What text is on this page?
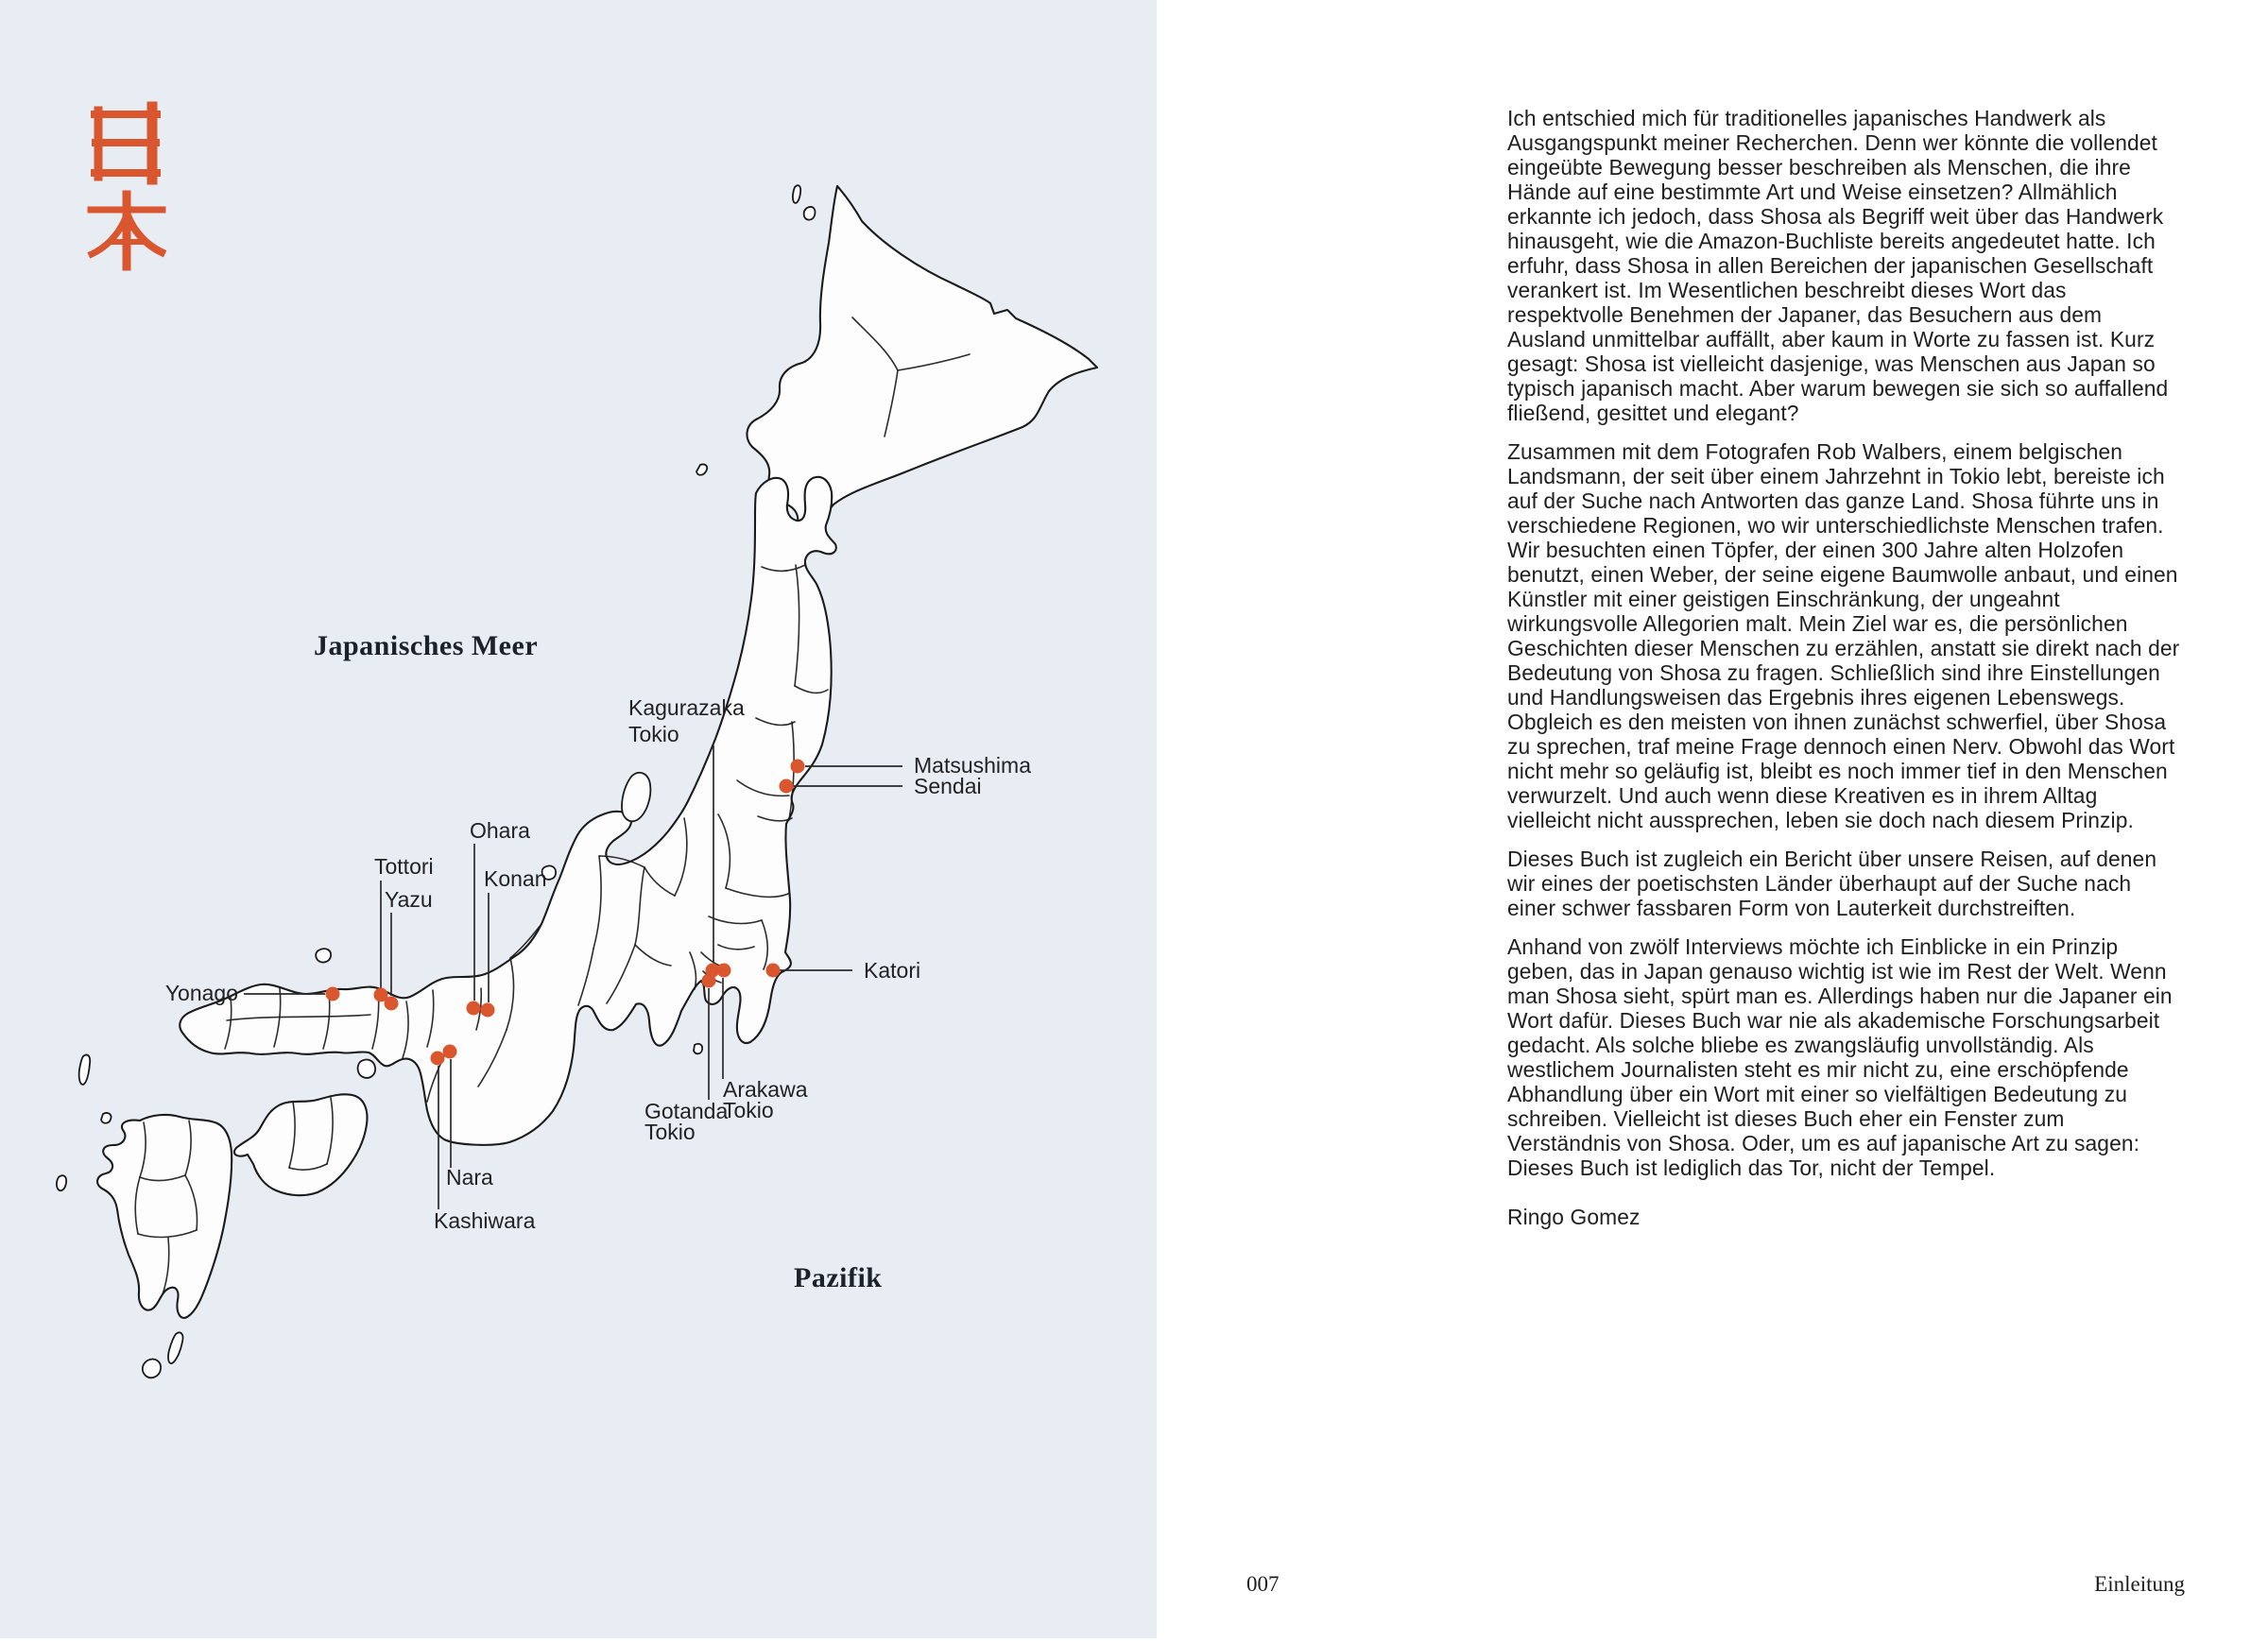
Japanisches Meer
Pazifik
Kagurazaka
Tokio
Matsushima
Sendai
Ohara
Tottori Konan
Yazu
Yonago
Katori
Arakawa
Tokio
Gotanda
Tokio
Nara
Kashiwara

Ich entschied mich für traditionelles japanisches Handwerk als Ausgangspunkt meiner Recherchen. Denn wer könnte die vollendet eingeübte Bewegung besser beschreiben als Menschen, die ihre Hände auf eine bestimmte Art und Weise einsetzen? Allmählich erkannte ich jedoch, dass Shosa als Begriff weit über das Handwerk hinausgeht, wie die Amazon-Buchliste bereits angedeutet hatte. Ich erfuhr, dass Shosa in allen Bereichen der japanischen Gesellschaft verankert ist. Im Wesentlichen beschreibt dieses Wort das respektvolle Benehmen der Japaner, das Besuchern aus dem Ausland unmittelbar auffällt, aber kaum in Worte zu fassen ist. Kurz gesagt: Shosa ist vielleicht dasjenige, was Menschen aus Japan so typisch japanisch macht. Aber warum bewegen sie sich so auffallend fließend, gesittet und elegant?

Zusammen mit dem Fotografen Rob Walbers, einem belgischen Landsmann, der seit über einem Jahrzehnt in Tokio lebt, bereiste ich auf der Suche nach Antworten das ganze Land. Shosa führte uns in verschiedene Regionen, wo wir unterschiedlichste Menschen trafen. Wir besuchten einen Töpfer, der einen 300 Jahre alten Holzofen benutzt, einen Weber, der seine eigene Baumwolle anbaut, und einen Künstler mit einer geistigen Einschränkung, der ungeahnt wirkungsvolle Allegorien malt. Mein Ziel war es, die persönlichen Geschichten dieser Menschen zu erzählen, anstatt sie direkt nach der Bedeutung von Shosa zu fragen. Schließlich sind ihre Einstellungen und Handlungsweisen das Ergebnis ihres eigenen Lebenswegs. Obgleich es den meisten von ihnen zunächst schwerfiel, über Shosa zu sprechen, traf meine Frage dennoch einen Nerv. Obwohl das Wort nicht mehr so geläufig ist, bleibt es noch immer tief in den Menschen verwurzelt. Und auch wenn diese Kreativen es in ihrem Alltag vielleicht nicht aussprechen, leben sie doch nach diesem Prinzip.

Dieses Buch ist zugleich ein Bericht über unsere Reisen, auf denen wir eines der poetischsten Länder überhaupt auf der Suche nach einer schwer fassbaren Form von Lauterkeit durchstreiften.

Anhand von zwölf Interviews möchte ich Einblicke in ein Prinzip geben, das in Japan genauso wichtig ist wie im Rest der Welt. Wenn man Shosa sieht, spürt man es. Allerdings haben nur die Japaner ein Wort dafür. Dieses Buch war nie als akademische Forschungsarbeit gedacht. Als solche bliebe es zwangsläufig unvollständig. Als westlichem Journalisten steht es mir nicht zu, eine erschöpfende Abhandlung über ein Wort mit einer so vielfältigen Bedeutung zu schreiben. Vielleicht ist dieses Buch eher ein Fenster zum Verständnis von Shosa. Oder, um es auf japanische Art zu sagen: Dieses Buch ist lediglich das Tor, nicht der Tempel.

Ringo Gomez

007	Einleitung
